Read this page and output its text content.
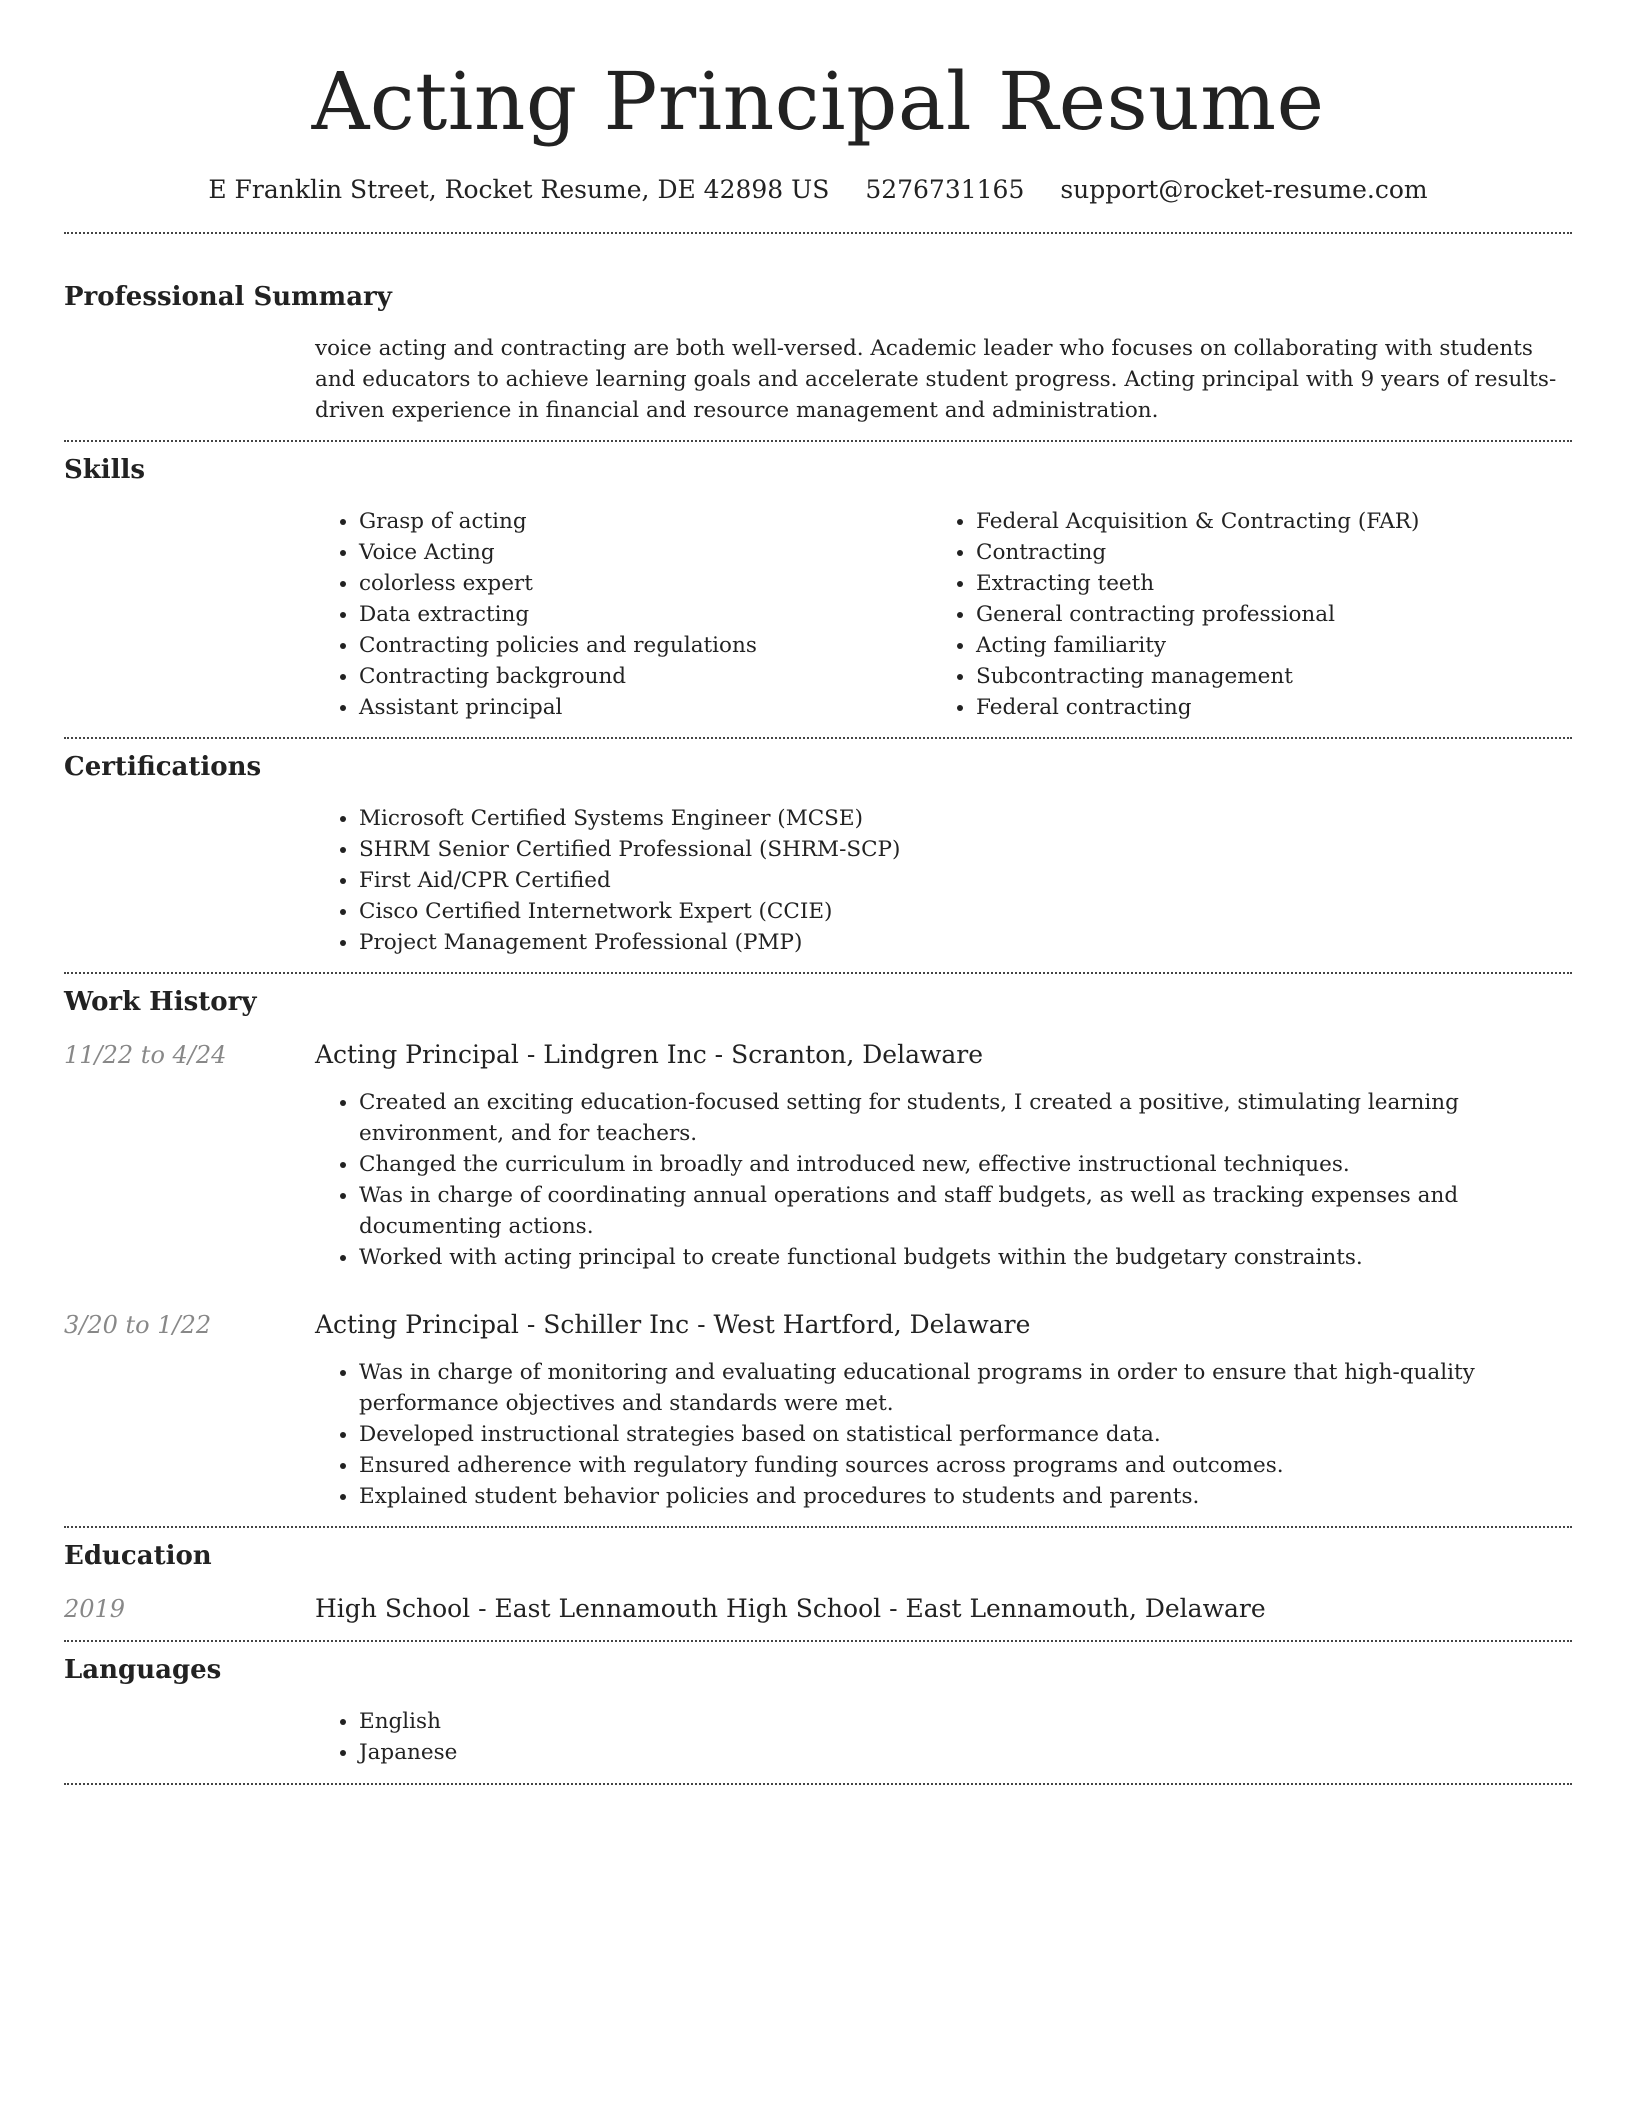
Acting Principal Resume
E Franklin Street, Rocket Resume, DE 42898 US 5276731165 support@rocket-resume.com
Professional Summary
voice acting and contracting are both well-versed. Academic leader who focuses on collaborating with students and educators to achieve learning goals and accelerate student progress. Acting principal with 9 years of results-driven experience in financial and resource management and administration.
Skills
• Grasp of acting
• Voice Acting
• colorless expert
• Data extracting
• Contracting policies and regulations
• Contracting background
• Assistant principal
• Federal Acquisition & Contracting (FAR)
• Contracting
• Extracting teeth
• General contracting professional
• Acting familiarity
• Subcontracting management
• Federal contracting
Certifications
• Microsoft Certified Systems Engineer (MCSE)
• SHRM Senior Certified Professional (SHRM-SCP)
• First Aid/CPR Certified
• Cisco Certified Internetwork Expert (CCIE)
• Project Management Professional (PMP)
Work History
11/22 to 4/24	Acting Principal - Lindgren Inc - Scranton, Delaware
• Created an exciting education-focused setting for students, I created a positive, stimulating learning environment, and for teachers.
• Changed the curriculum in broadly and introduced new, effective instructional techniques.
• Was in charge of coordinating annual operations and staff budgets, as well as tracking expenses and documenting actions.
• Worked with acting principal to create functional budgets within the budgetary constraints.
3/20 to 1/22	Acting Principal - Schiller Inc - West Hartford, Delaware
• Was in charge of monitoring and evaluating educational programs in order to ensure that high-quality performance objectives and standards were met.
• Developed instructional strategies based on statistical performance data.
• Ensured adherence with regulatory funding sources across programs and outcomes.
• Explained student behavior policies and procedures to students and parents.
Education
2019	High School - East Lennamouth High School - East Lennamouth, Delaware
Languages
• English
• Japanese
